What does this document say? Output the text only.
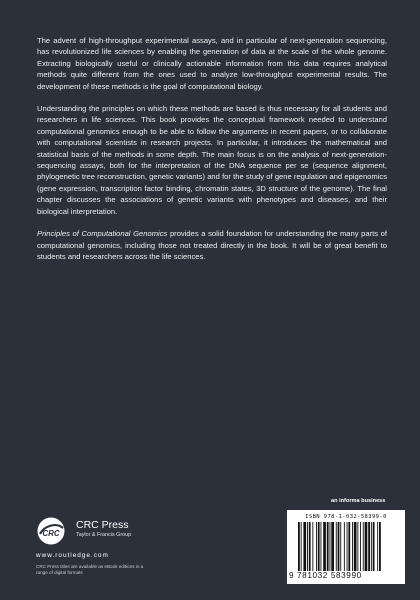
The advent of high-throughput experimental assays, and in particular of next-generation sequencing, has revolutionized life sciences by enabling the generation of data at the scale of the whole genome. Extracting biologically useful or clinically actionable information from this data requires analytical methods quite different from the ones used to analyze low-throughput experimental results. The development of these methods is the goal of computational biology.

Understanding the principles on which these methods are based is thus necessary for all students and researchers in life sciences. This book provides the conceptual framework needed to understand computational genomics enough to be able to follow the arguments in recent papers, or to collaborate with computational scientists in research projects. In particular, it introduces the mathematical and statistical basis of the methods in some depth. The main focus is on the analysis of next-generation-sequencing assays, both for the interpretation of the DNA sequence per se (sequence alignment, phylogenetic tree reconstruction, genetic variants) and for the study of gene regulation and epigenomics (gene expression, transcription factor binding, chromatin states, 3D structure of the genome). The final chapter discusses the associations of genetic variants with phenotypes and diseases, and their biological interpretation.

Principles of Computational Genomics provides a solid foundation for understanding the many parts of computational genomics, including those not treated directly in the book. It will be of great benefit to students and researchers across the life sciences.

an informa business
CRC
CRC Press
Taylor & Francis Group
www.routledge.com
CRC Press titles are available as eBook editions in a range of digital formats
ISBN 978-1-032-58399-0
9 781032 583990
